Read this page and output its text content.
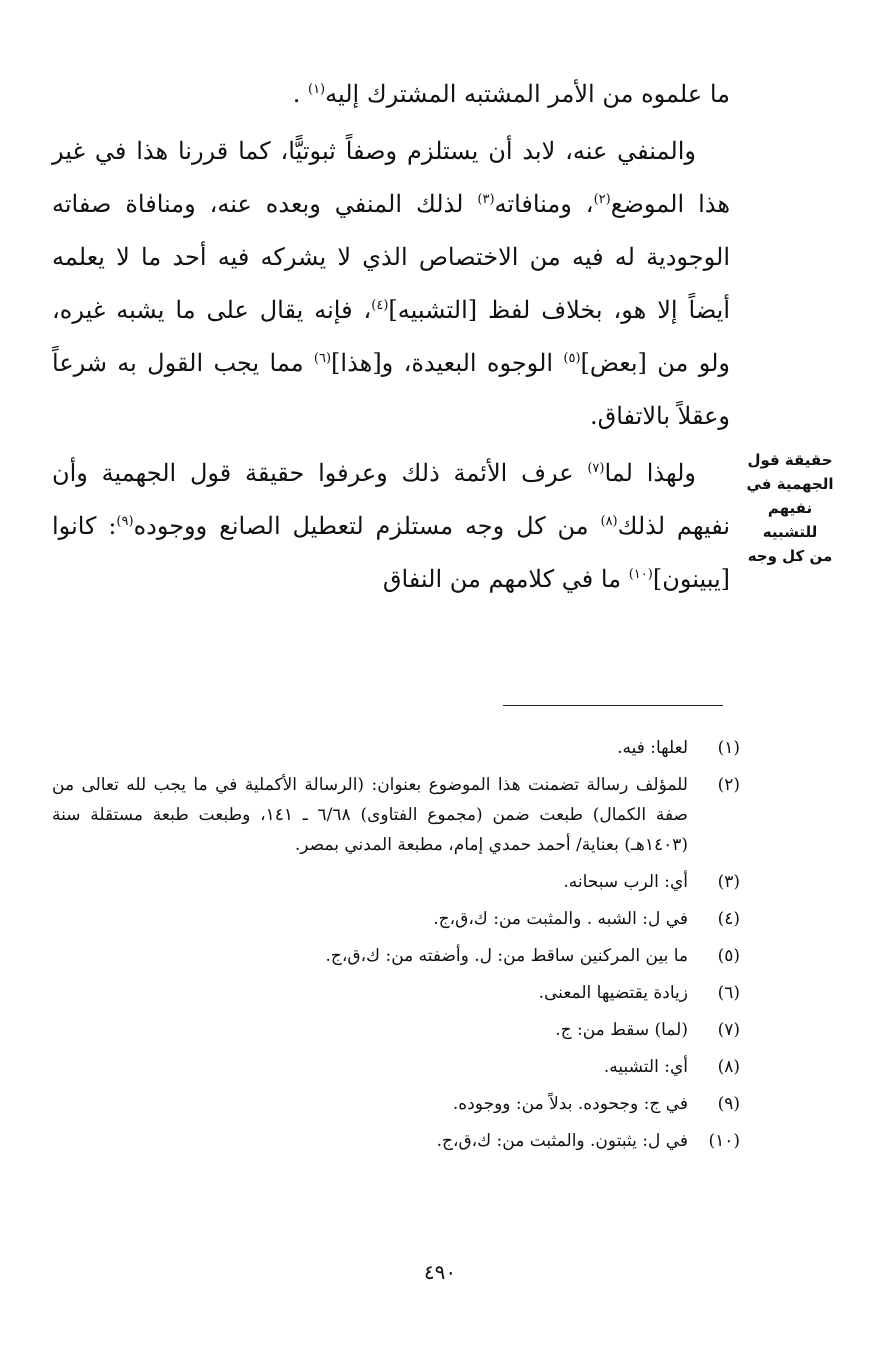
ما علموه من الأمر المشتبه المشترك إليه$^{(١)}$ .

والمنفي عنه، لابد أن يستلزم وصفاً ثبوتيًّا، كما قررنا هذا في غير هذا الموضع$^{(٢)}$، ومنافاته$^{(٣)}$ لذلك المنفي وبعده عنه، ومنافاة صفاته الوجودية له فيه من الاختصاص الذي لا يشركه فيه أحد ما لا يعلمه أيضاً إلا هو، بخلاف لفظ [التشبيه]$^{(٤)}$، فإنه يقال على ما يشبه غيره، ولو من [بعض]$^{(٥)}$ الوجوه البعيدة، و[هذا]$^{(٦)}$ مما يجب القول به شرعاً وعقلاً بالاتفاق.

ولهذا لما$^{(٧)}$ عرف الأئمة ذلك وعرفوا حقيقة قول الجهمية وأن نفيهم لذلك$^{(٨)}$ من كل وجه مستلزم لتعطيل الصانع ووجوده$^{(٩)}$: كانوا [يبينون]$^{(١٠)}$ ما في كلامهم من النفاق

حقيقة قول
الجهمية في
نفيهم للتشبيه
من كل وجه
(١)
لعلها: فيه.
(٢)
للمؤلف رسالة تضمنت هذا الموضوع بعنوان: (الرسالة الأكملية في ما يجب لله تعالى من صفة الكمال) طبعت ضمن (مجموع الفتاوى) ٦/٦٨ ـ ١٤١، وطبعت طبعة مستقلة سنة (١٤٠٣هـ) بعناية/ أحمد حمدي إمام، مطبعة المدني بمصر.
(٣)
أي: الرب سبحانه.
(٤)
في ل: الشبه . والمثبت من: ك،ق،ج.
(٥)
ما بين المركنين ساقط من: ل. وأضفته من: ك،ق،ج.
(٦)
زيادة يقتضيها المعنى.
(٧)
(لما) سقط من: ج.
(٨)
أي: التشبيه.
(٩)
في ج: وجحوده. بدلاً من: ووجوده.
(١٠)
في ل: يثبتون. والمثبت من: ك،ق،ج.
٤٩٠
